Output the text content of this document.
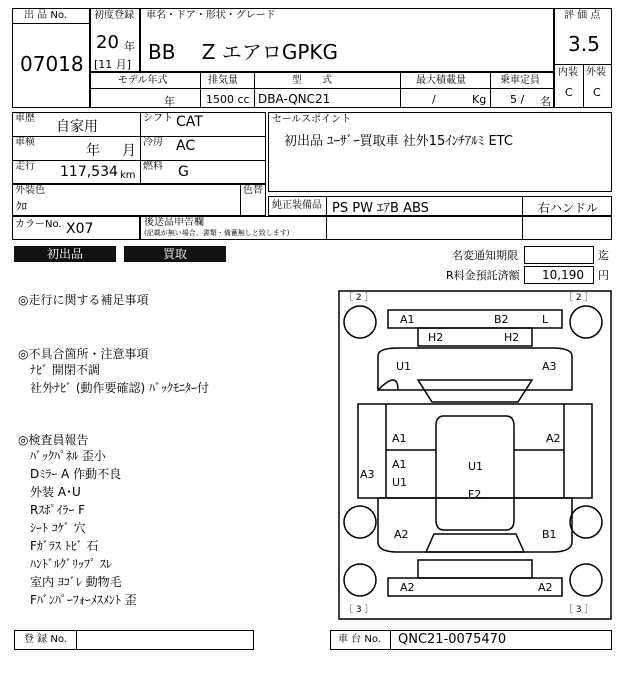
出 品 No.
07018
初度登録
20 年
[11 月]
車名・ドア・形状・グレード
BB　 Z エアロGPKG
評 価 点
3.5
内装 外装
C C
モデル年式	排気量	型　　式	最大積載量	乗車定員
年	1500 cc DBA-QNC21	/	Kg 5 / 名
車歴
自家用
シフト CAT
車検
年 月
冷房 AC
走行 117,534 km
燃料 G
セールスポイント
初出品 ﾕｰｻﾞｰ買取車 社外15ｲﾝﾁｱﾙﾐ ETC
外装色
ｸﾛ
色替
純正装備品 PS PW ｴｱB ABS	右ハンドル
カラーNo. X07	後送品申告欄
(記載が無い場合、書類・備蓄無しと致します)
初出品	買取	名変通知期限	迄
R料金預託済額 10,190 円
◎走行に関する補足事項
◎不具合箇所・注意事項
ﾅﾋﾞ 開閉不調
社外ﾅﾋﾞ (動作要確認) ﾊﾞｯｸﾓﾆﾀｰ付
◎検査員報告
ﾊﾞｯｸﾊﾟﾈﾙ 歪小
Dﾐﾗｰ A 作動不良
外装 A･U
Rｽﾎﾟｲﾗｰ F
ｼｰﾄ ｺｹﾞ 穴
Fｶﾞﾗｽ ﾄﾋﾞ 石
ﾊﾝﾄﾞﾙｸﾞﾘｯﾌﾟ ｽﾚ
室内 ﾖｺﾞﾚ 動物毛
Fﾊﾞﾝﾊﾟｰﾌｫｰﾒｽﾒﾝﾄ 歪
［ 2 ］	［ 2 ］
［ 3 ］	［ 3 ］
A1	B2	L
H2	H2
U1	A3
A1	A2
A1
U1
A3
U1
F2
A2	B1
A2	A2
登 録 No.	車 台 No. QNC21-0075470
